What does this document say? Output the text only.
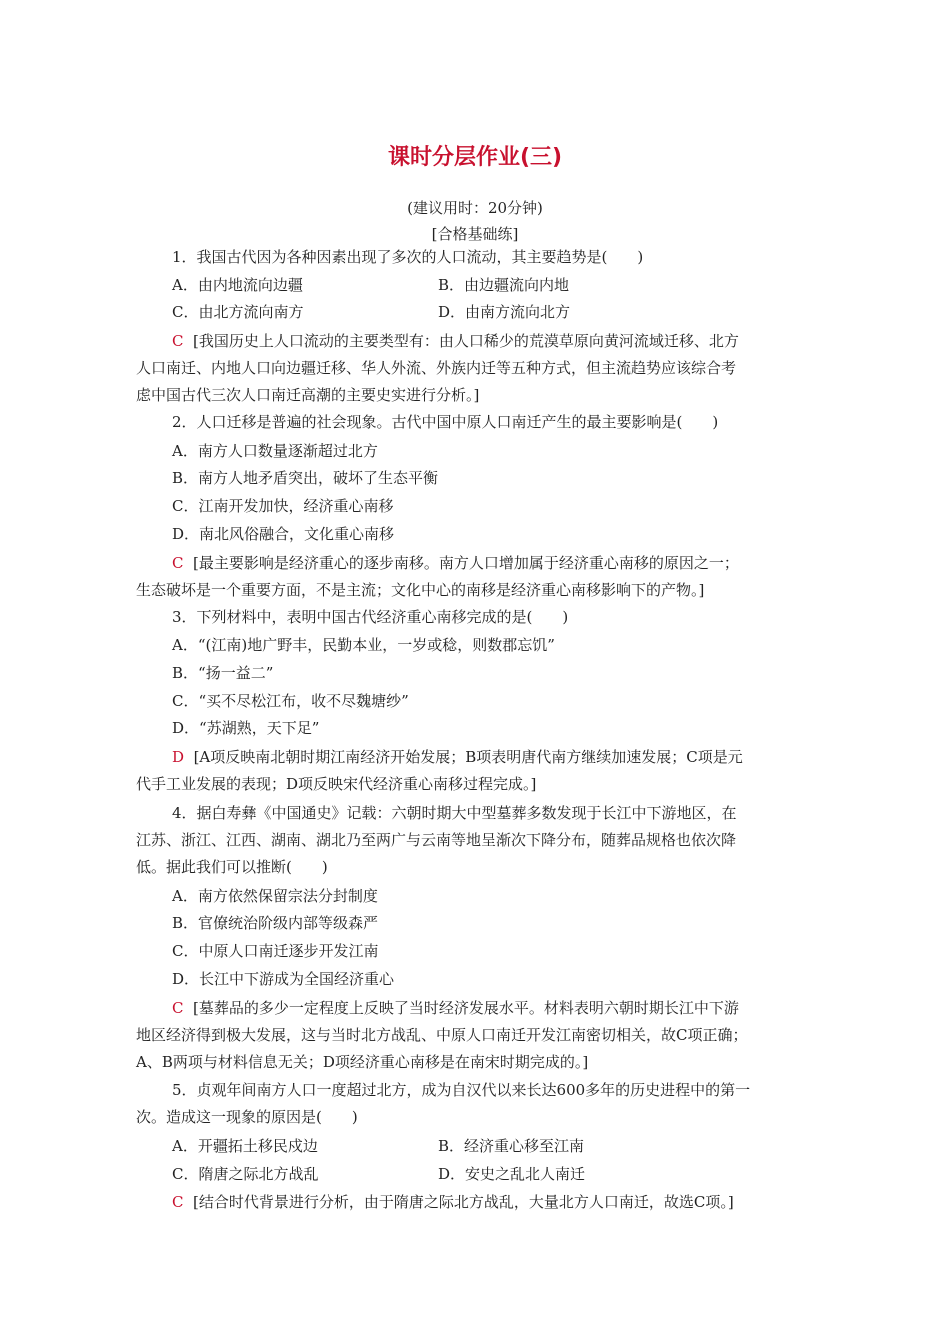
课时分层作业(三)
(建议用时：20分钟)
[合格基础练]
1．我国古代因为各种因素出现了多次的人口流动，其主要趋势是(　　)
A．由内地流向边疆	B．由边疆流向内地
C．由北方流向南方	D．由南方流向北方
C [我国历史上人口流动的主要类型有：由人口稀少的荒漠草原向黄河流域迁移、北方
人口南迁、内地人口向边疆迁移、华人外流、外族内迁等五种方式，但主流趋势应该综合考
虑中国古代三次人口南迁高潮的主要史实进行分析。]
2．人口迁移是普遍的社会现象。古代中国中原人口南迁产生的最主要影响是(　　)
A．南方人口数量逐渐超过北方
B．南方人地矛盾突出，破坏了生态平衡
C．江南开发加快，经济重心南移
D．南北风俗融合，文化重心南移
C [最主要影响是经济重心的逐步南移。南方人口增加属于经济重心南移的原因之一；
生态破坏是一个重要方面，不是主流；文化中心的南移是经济重心南移影响下的产物。]
3．下列材料中，表明中国古代经济重心南移完成的是(　　)
A．“(江南)地广野丰，民勤本业，一岁或稔，则数郡忘饥”
B．“扬一益二”
C．“买不尽松江布，收不尽魏塘纱”
D．“苏湖熟，天下足”
D [A项反映南北朝时期江南经济开始发展；B项表明唐代南方继续加速发展；C项是元
代手工业发展的表现；D项反映宋代经济重心南移过程完成。]
4．据白寿彝《中国通史》记载：六朝时期大中型墓葬多数发现于长江中下游地区，在
江苏、浙江、江西、湖南、湖北乃至两广与云南等地呈渐次下降分布，随葬品规格也依次降
低。据此我们可以推断(　　)
A．南方依然保留宗法分封制度
B．官僚统治阶级内部等级森严
C．中原人口南迁逐步开发江南
D．长江中下游成为全国经济重心
C [墓葬品的多少一定程度上反映了当时经济发展水平。材料表明六朝时期长江中下游
地区经济得到极大发展，这与当时北方战乱、中原人口南迁开发江南密切相关，故C项正确；
A、B两项与材料信息无关；D项经济重心南移是在南宋时期完成的。]
5．贞观年间南方人口一度超过北方，成为自汉代以来长达600多年的历史进程中的第一
次。造成这一现象的原因是(　　)
A．开疆拓土移民戍边	B．经济重心移至江南
C．隋唐之际北方战乱	D．安史之乱北人南迁
C [结合时代背景进行分析，由于隋唐之际北方战乱，大量北方人口南迁，故选C项。]
